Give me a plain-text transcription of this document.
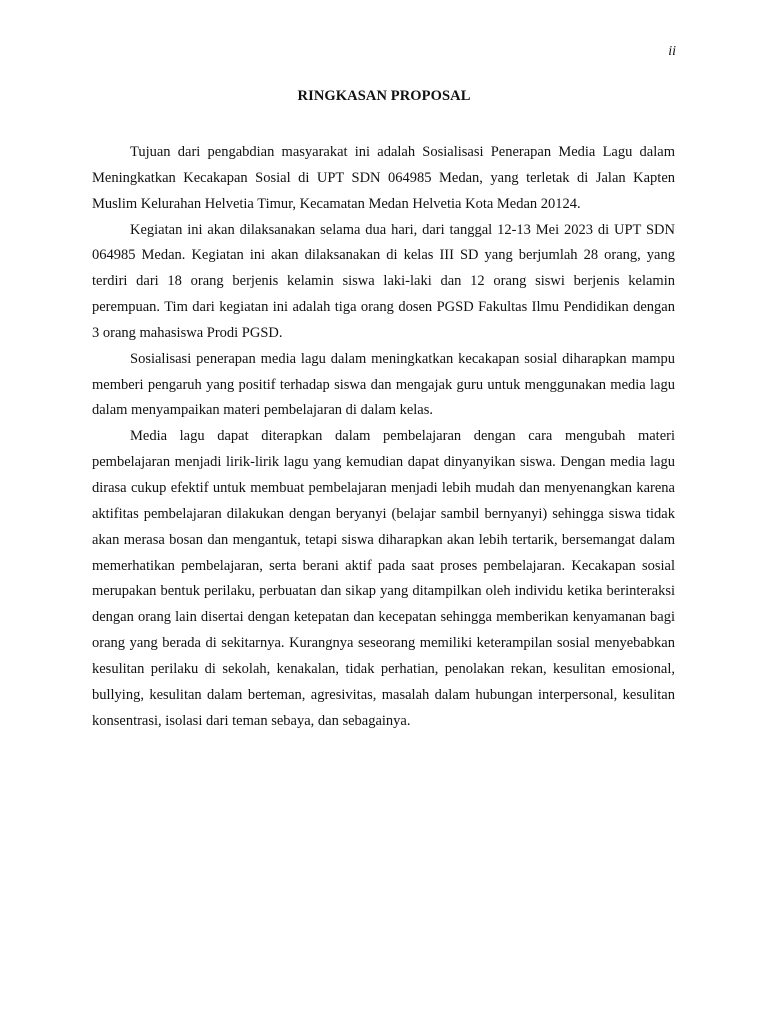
ii
RINGKASAN PROPOSAL

Tujuan dari pengabdian masyarakat ini adalah Sosialisasi Penerapan Media Lagu dalam Meningkatkan Kecakapan Sosial di UPT SDN 064985 Medan, yang terletak di Jalan Kapten Muslim Kelurahan Helvetia Timur, Kecamatan Medan Helvetia Kota Medan 20124.

Kegiatan ini akan dilaksanakan selama dua hari, dari tanggal 12-13 Mei 2023 di UPT SDN 064985 Medan. Kegiatan ini akan dilaksanakan di kelas III SD yang berjumlah 28 orang, yang terdiri dari 18 orang berjenis kelamin siswa laki-laki dan 12 orang siswi berjenis kelamin perempuan. Tim dari kegiatan ini adalah tiga orang dosen PGSD Fakultas Ilmu Pendidikan dengan 3 orang mahasiswa Prodi PGSD.

Sosialisasi penerapan media lagu dalam meningkatkan kecakapan sosial diharapkan mampu memberi pengaruh yang positif terhadap siswa dan mengajak guru untuk menggunakan media lagu dalam menyampaikan materi pembelajaran di dalam kelas.

Media lagu dapat diterapkan dalam pembelajaran dengan cara mengubah materi pembelajaran menjadi lirik-lirik lagu yang kemudian dapat dinyanyikan siswa. Dengan media lagu dirasa cukup efektif untuk membuat pembelajaran menjadi lebih mudah dan menyenangkan karena aktifitas pembelajaran dilakukan dengan beryanyi (belajar sambil bernyanyi) sehingga siswa tidak akan merasa bosan dan mengantuk, tetapi siswa diharapkan akan lebih tertarik, bersemangat dalam memerhatikan pembelajaran, serta berani aktif pada saat proses pembelajaran. Kecakapan sosial merupakan bentuk perilaku, perbuatan dan sikap yang ditampilkan oleh individu ketika berinteraksi dengan orang lain disertai dengan ketepatan dan kecepatan sehingga memberikan kenyamanan bagi orang yang berada di sekitarnya. Kurangnya seseorang memiliki keterampilan sosial menyebabkan kesulitan perilaku di sekolah, kenakalan, tidak perhatian, penolakan rekan, kesulitan emosional, bullying, kesulitan dalam berteman, agresivitas, masalah dalam hubungan interpersonal, kesulitan konsentrasi, isolasi dari teman sebaya, dan sebagainya.
